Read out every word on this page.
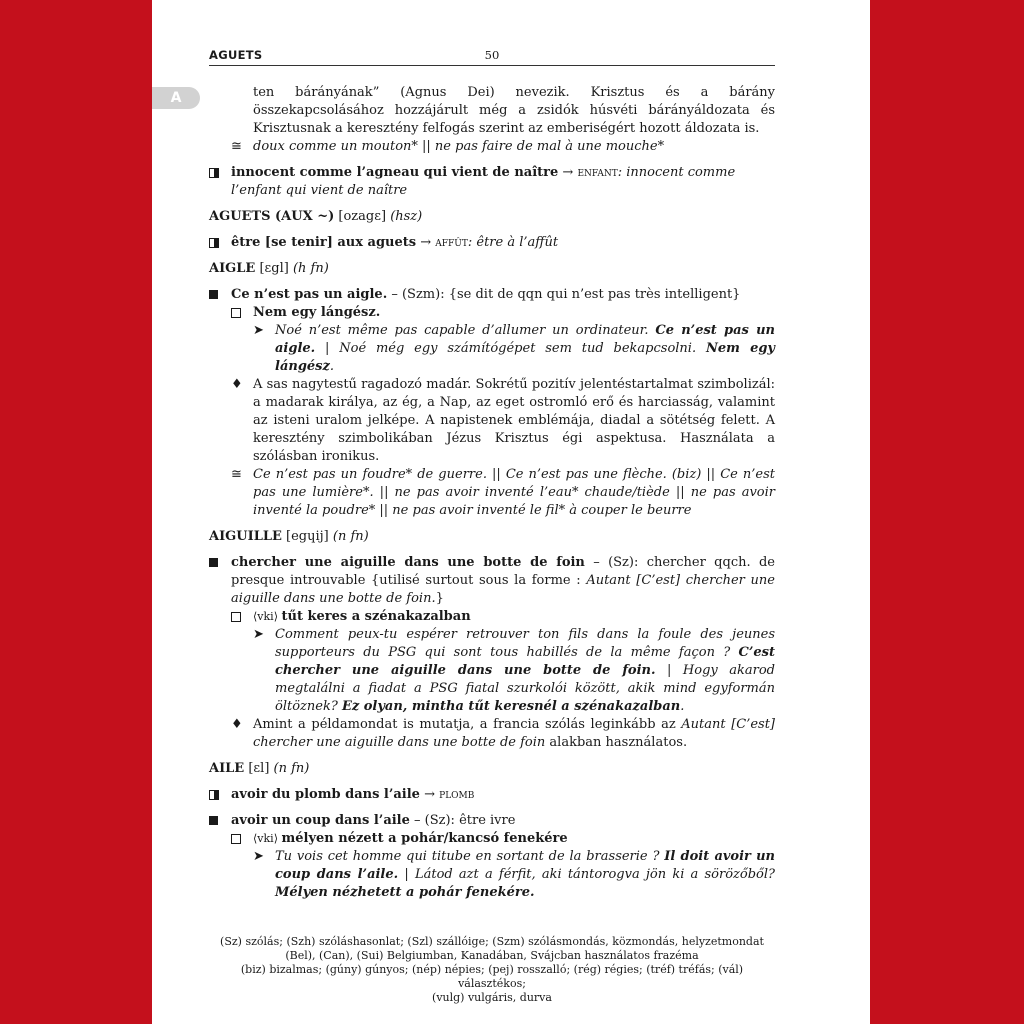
AGUETS	50
A	ten bárányának” (Agnus Dei) nevezik. Krisztus és a bárány összekapcsolásához hozzájárult még a zsidók húsvéti bárányáldozata és Krisztusnak a keresztény felfogás szerint az emberiségért hozott áldozata is.
≅ doux comme un mouton* || ne pas faire de mal à une mouche*
innocent comme l’agneau qui vient de naître → enfant: innocent comme l’enfant qui vient de naître
AGUETS (AUX ~) [ozagɛ] (hsz)
être [se tenir] aux aguets → affût: être à l’affût
AIGLE [ɛgl] (h fn)
Ce n’est pas un aigle. – (Szm): {se dit de qqn qui n’est pas très intelligent}
Nem egy lángész.
➤ Noé n’est même pas capable d’allumer un ordinateur. Ce n’est pas un aigle. | Noé még egy számítógépet sem tud bekapcsolni. Nem egy lángész.
♦ A sas nagytestű ragadozó madár. Sokrétű pozitív jelentéstartalmat szimbolizál: a madarak királya, az ég, a Nap, az eget ostromló erő és harciasság, valamint az isteni uralom jelképe. A napistenek emblémája, diadal a sötétség felett. A keresztény szimbolikában Jézus Krisztus égi aspektusa. Használata a szólásban ironikus.
≅ Ce n’est pas un foudre* de guerre. || Ce n’est pas une flèche. (biz) || Ce n’est pas une lumière*. || ne pas avoir inventé l’eau* chaude/tiède || ne pas avoir inventé la poudre* || ne pas avoir inventé le fil* à couper le beurre
AIGUILLE [egɥij] (n fn)
chercher une aiguille dans une botte de foin – (Sz): chercher qqch. de presque introuvable {utilisé surtout sous la forme : Autant [C’est] chercher une aiguille dans une botte de foin.}
⟨vki⟩ tűt keres a szénakazalban
➤ Comment peux-tu espérer retrouver ton fils dans la foule des jeunes supporteurs du PSG qui sont tous habillés de la même façon ? C’est chercher une aiguille dans une botte de foin. | Hogy akarod megtalálni a fiadat a PSG fiatal szurkolói között, akik mind egyformán öltöznek? Ez olyan, mintha tűt keresnél a szénakazalban.
♦ Amint a példamondat is mutatja, a francia szólás leginkább az Autant [C’est] chercher une aiguille dans une botte de foin alakban használatos.
AILE [ɛl] (n fn)
avoir du plomb dans l’aile → plomb
avoir un coup dans l’aile – (Sz): être ivre
⟨vki⟩ mélyen nézett a pohár/kancsó fenekére
➤ Tu vois cet homme qui titube en sortant de la brasserie ? Il doit avoir un coup dans l’aile. | Látod azt a férfit, aki tántorogva jön ki a sörözőből? Mélyen nézhetett a pohár fenekére.
(Sz) szólás; (Szh) szóláshasonlat; (Szl) szállóige; (Szm) szólásmondás, közmondás, helyzetmondat
(Bel), (Can), (Sui) Belgiumban, Kanadában, Svájcban használatos frazéma
(biz) bizalmas; (gúny) gúnyos; (nép) népies; (pej) rosszalló; (rég) régies; (tréf) tréfás; (vál) választékos;
(vulg) vulgáris, durva
